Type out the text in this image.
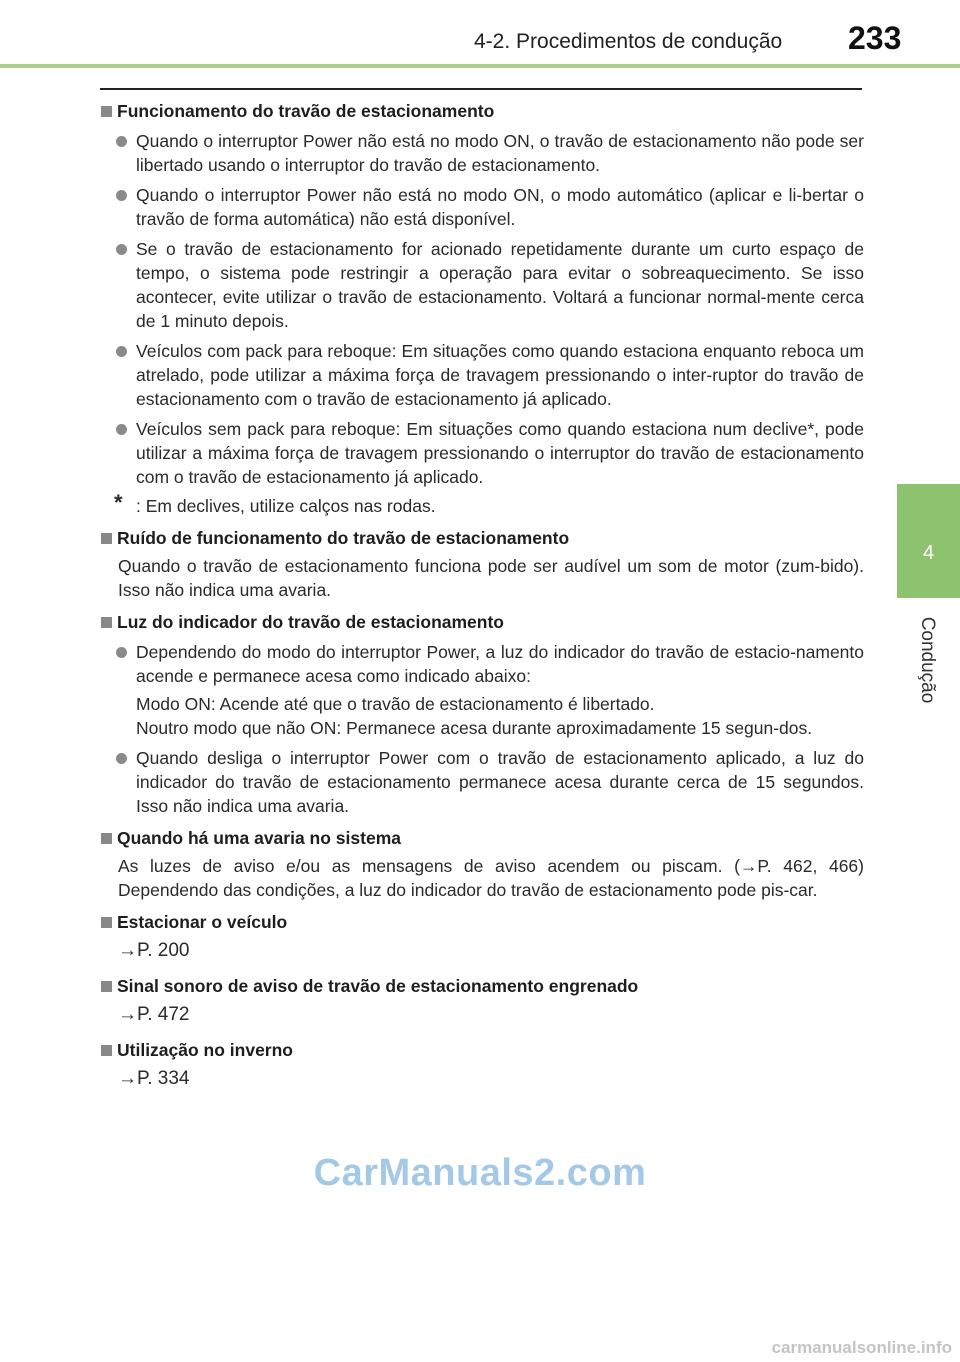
4-2. Procedimentos de condução 233
4
Condução
Funcionamento do travão de estacionamento
Quando o interruptor Power não está no modo ON, o travão de estacionamento não pode ser libertado usando o interruptor do travão de estacionamento.
Quando o interruptor Power não está no modo ON, o modo automático (aplicar e li-bertar o travão de forma automática) não está disponível.
Se o travão de estacionamento for acionado repetidamente durante um curto espaço de tempo, o sistema pode restringir a operação para evitar o sobreaquecimento. Se isso acontecer, evite utilizar o travão de estacionamento. Voltará a funcionar normal-mente cerca de 1 minuto depois.
Veículos com pack para reboque: Em situações como quando estaciona enquanto reboca um atrelado, pode utilizar a máxima força de travagem pressionando o inter-ruptor do travão de estacionamento com o travão de estacionamento já aplicado.
Veículos sem pack para reboque: Em situações como quando estaciona num declive*, pode utilizar a máxima força de travagem pressionando o interruptor do travão de estacionamento com o travão de estacionamento já aplicado.
* : Em declives, utilize calços nas rodas.
Ruído de funcionamento do travão de estacionamento
Quando o travão de estacionamento funciona pode ser audível um som de motor (zum-bido). Isso não indica uma avaria.
Luz do indicador do travão de estacionamento
Dependendo do modo do interruptor Power, a luz do indicador do travão de estacio-namento acende e permanece acesa como indicado abaixo:
Modo ON: Acende até que o travão de estacionamento é libertado.
Noutro modo que não ON: Permanece acesa durante aproximadamente 15 segun-dos.
Quando desliga o interruptor Power com o travão de estacionamento aplicado, a luz do indicador do travão de estacionamento permanece acesa durante cerca de 15 segundos. Isso não indica uma avaria.
Quando há uma avaria no sistema
As luzes de aviso e/ou as mensagens de aviso acendem ou piscam. (→P. 462, 466) Dependendo das condições, a luz do indicador do travão de estacionamento pode pis-car.
Estacionar o veículo
→P. 200
Sinal sonoro de aviso de travão de estacionamento engrenado
→P. 472
Utilização no inverno
→P. 334
CarManuals2.com
carmanualsonline.info
